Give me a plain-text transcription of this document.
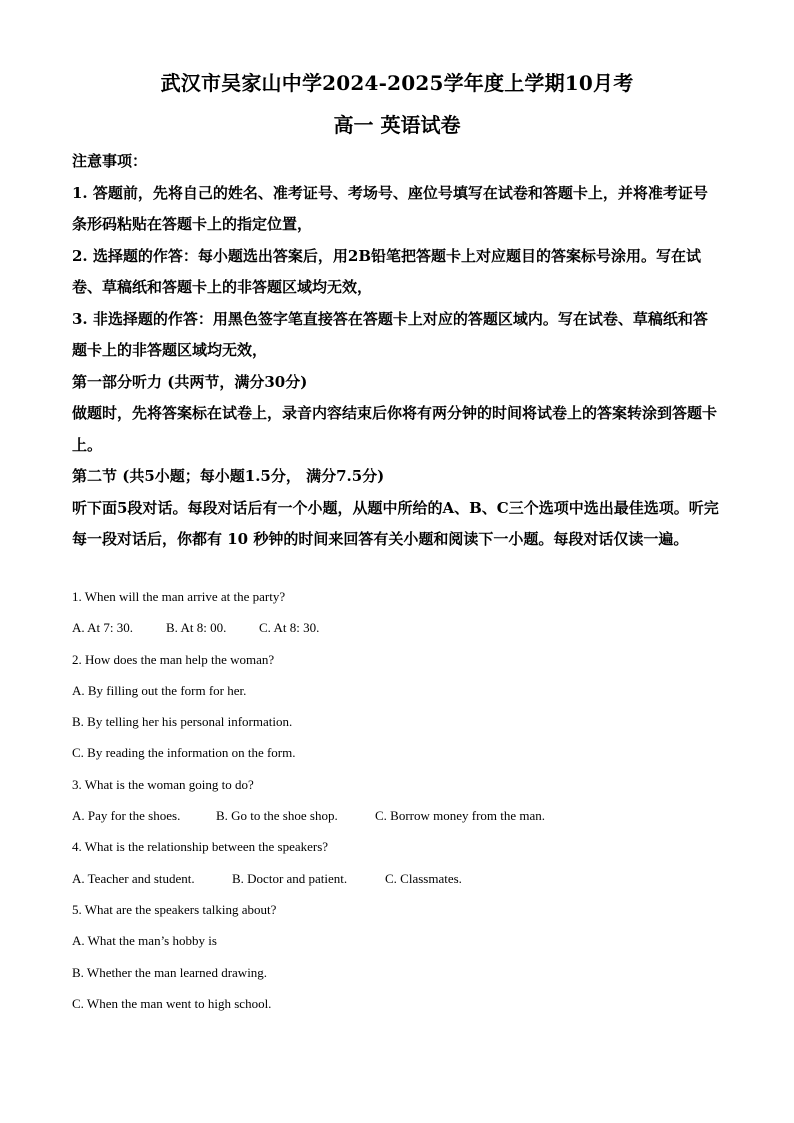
武汉市吴家山中学2024-2025学年度上学期10月考
高一 英语试卷

注意事项：

1. 答题前，先将自己的姓名、准考证号、考场号、座位号填写在试卷和答题卡上，并将准考证号条形码粘贴在答题卡上的指定位置，

2. 选择题的作答：每小题选出答案后，用2B铅笔把答题卡上对应题目的答案标号涂用。写在试卷、草稿纸和答题卡上的非答题区域均无效，

3. 非选择题的作答：用黑色签字笔直接答在答题卡上对应的答题区域内。写在试卷、草稿纸和答题卡上的非答题区域均无效，

第一部分听力 (共两节，满分30分)

做题时，先将答案标在试卷上，录音内容结束后你将有两分钟的时间将试卷上的答案转涂到答题卡上。

第二节 (共5小题；每小题1.5分， 满分7.5分)

听下面5段对话。每段对话后有一个小题，从题中所给的A、B、C三个选项中选出最佳选项。听完每一段对话后，你都有 10 秒钟的时间来回答有关小题和阅读下一小题。每段对话仅读一遍。

1. When will the man arrive at the party?

A. At 7: 30.	B. At 8: 00.	C. At 8: 30.

2. How does the man help the woman?

A. By filling out the form for her.

B. By telling her his personal information.

C. By reading the information on the form.

3. What is the woman going to do?

A. Pay for the shoes.	B. Go to the shoe shop.	C. Borrow money from the man.

4. What is the relationship between the speakers?

A. Teacher and student.	B. Doctor and patient.	C. Classmates.

5. What are the speakers talking about?

A. What the man’s hobby is

B. Whether the man learned drawing.

C. When the man went to high school.
